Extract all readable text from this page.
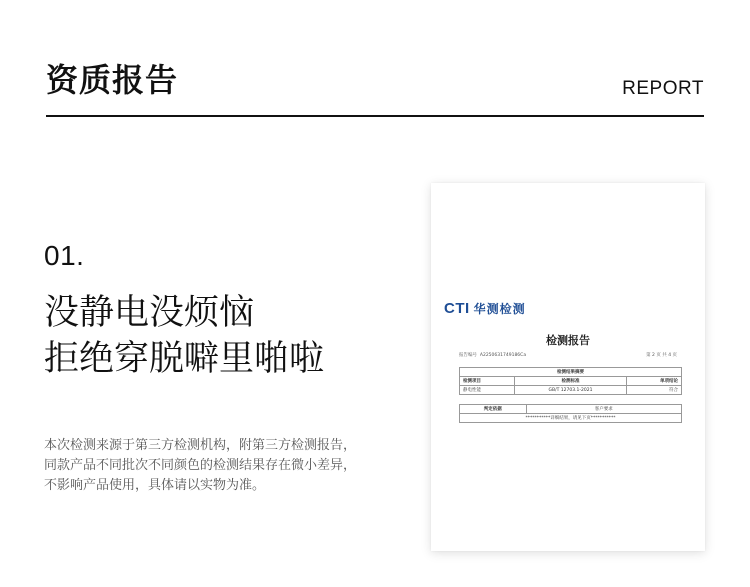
资质报告	REPORT
01.
没静电没烦恼
拒绝穿脱噼里啪啦
本次检测来源于第三方检测机构，附第三方检测报告，
同款产品不同批次不同颜色的检测结果存在微小差异，
不影响产品使用，具体请以实物为准。
CTI 华测检测
检测报告
报告编号 A2250631749186Ca	第 2 页 共 4 页
检测结果摘要		
检测项目	检测标准	单项结论
静电性能	GB/T 12703.1-2021	符合
判定依据	客户要求
***********详细结果，请见下页***********
